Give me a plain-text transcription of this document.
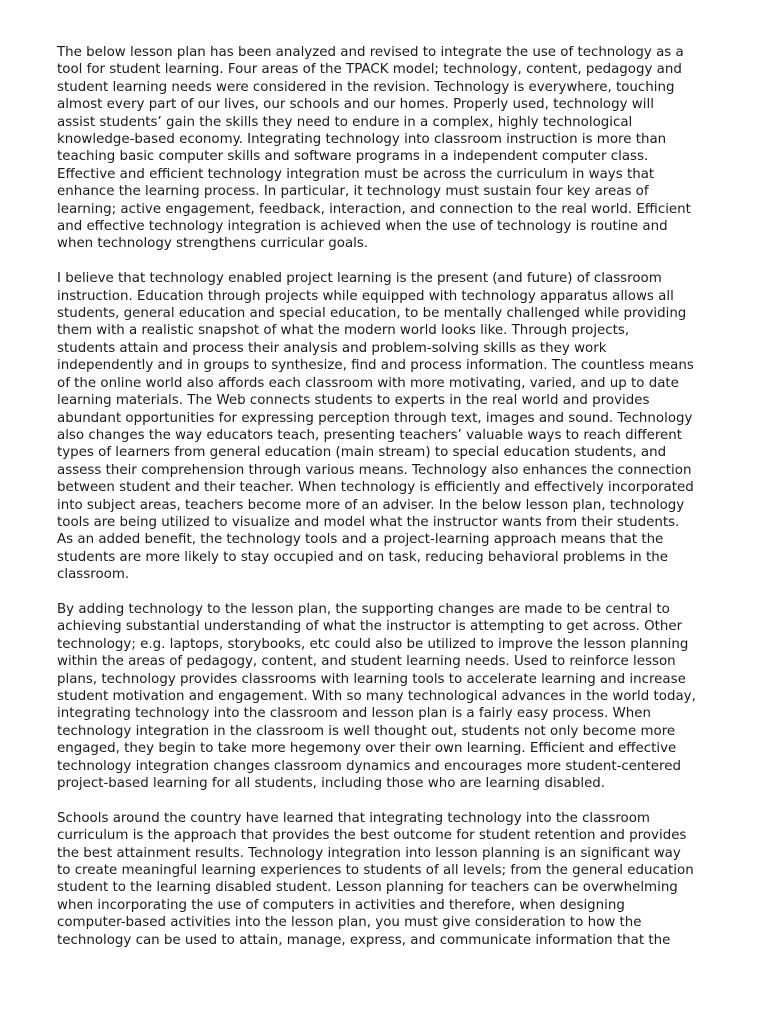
The below lesson plan has been analyzed and revised to integrate the use of technology as a
tool for student learning. Four areas of the TPACK model; technology, content, pedagogy and
student learning needs were considered in the revision. Technology is everywhere, touching
almost every part of our lives, our schools and our homes. Properly used, technology will
assist students’ gain the skills they need to endure in a complex, highly technological
knowledge-based economy. Integrating technology into classroom instruction is more than
teaching basic computer skills and software programs in a independent computer class.
Effective and efficient technology integration must be across the curriculum in ways that
enhance the learning process. In particular, it technology must sustain four key areas of
learning; active engagement, feedback, interaction, and connection to the real world. Efficient
and effective technology integration is achieved when the use of technology is routine and
when technology strengthens curricular goals.

I believe that technology enabled project learning is the present (and future) of classroom
instruction. Education through projects while equipped with technology apparatus allows all
students, general education and special education, to be mentally challenged while providing
them with a realistic snapshot of what the modern world looks like. Through projects,
students attain and process their analysis and problem-solving skills as they work
independently and in groups to synthesize, find and process information. The countless means
of the online world also affords each classroom with more motivating, varied, and up to date
learning materials. The Web connects students to experts in the real world and provides
abundant opportunities for expressing perception through text, images and sound. Technology
also changes the way educators teach, presenting teachers’ valuable ways to reach different
types of learners from general education (main stream) to special education students, and
assess their comprehension through various means. Technology also enhances the connection
between student and their teacher. When technology is efficiently and effectively incorporated
into subject areas, teachers become more of an adviser. In the below lesson plan, technology
tools are being utilized to visualize and model what the instructor wants from their students.
As an added benefit, the technology tools and a project-learning approach means that the
students are more likely to stay occupied and on task, reducing behavioral problems in the
classroom.

By adding technology to the lesson plan, the supporting changes are made to be central to
achieving substantial understanding of what the instructor is attempting to get across. Other
technology; e.g. laptops, storybooks, etc could also be utilized to improve the lesson planning
within the areas of pedagogy, content, and student learning needs. Used to reinforce lesson
plans, technology provides classrooms with learning tools to accelerate learning and increase
student motivation and engagement. With so many technological advances in the world today,
integrating technology into the classroom and lesson plan is a fairly easy process. When
technology integration in the classroom is well thought out, students not only become more
engaged, they begin to take more hegemony over their own learning. Efficient and effective
technology integration changes classroom dynamics and encourages more student-centered
project-based learning for all students, including those who are learning disabled.

Schools around the country have learned that integrating technology into the classroom
curriculum is the approach that provides the best outcome for student retention and provides
the best attainment results. Technology integration into lesson planning is an significant way
to create meaningful learning experiences to students of all levels; from the general education
student to the learning disabled student. Lesson planning for teachers can be overwhelming
when incorporating the use of computers in activities and therefore, when designing
computer-based activities into the lesson plan, you must give consideration to how the
technology can be used to attain, manage, express, and communicate information that the
